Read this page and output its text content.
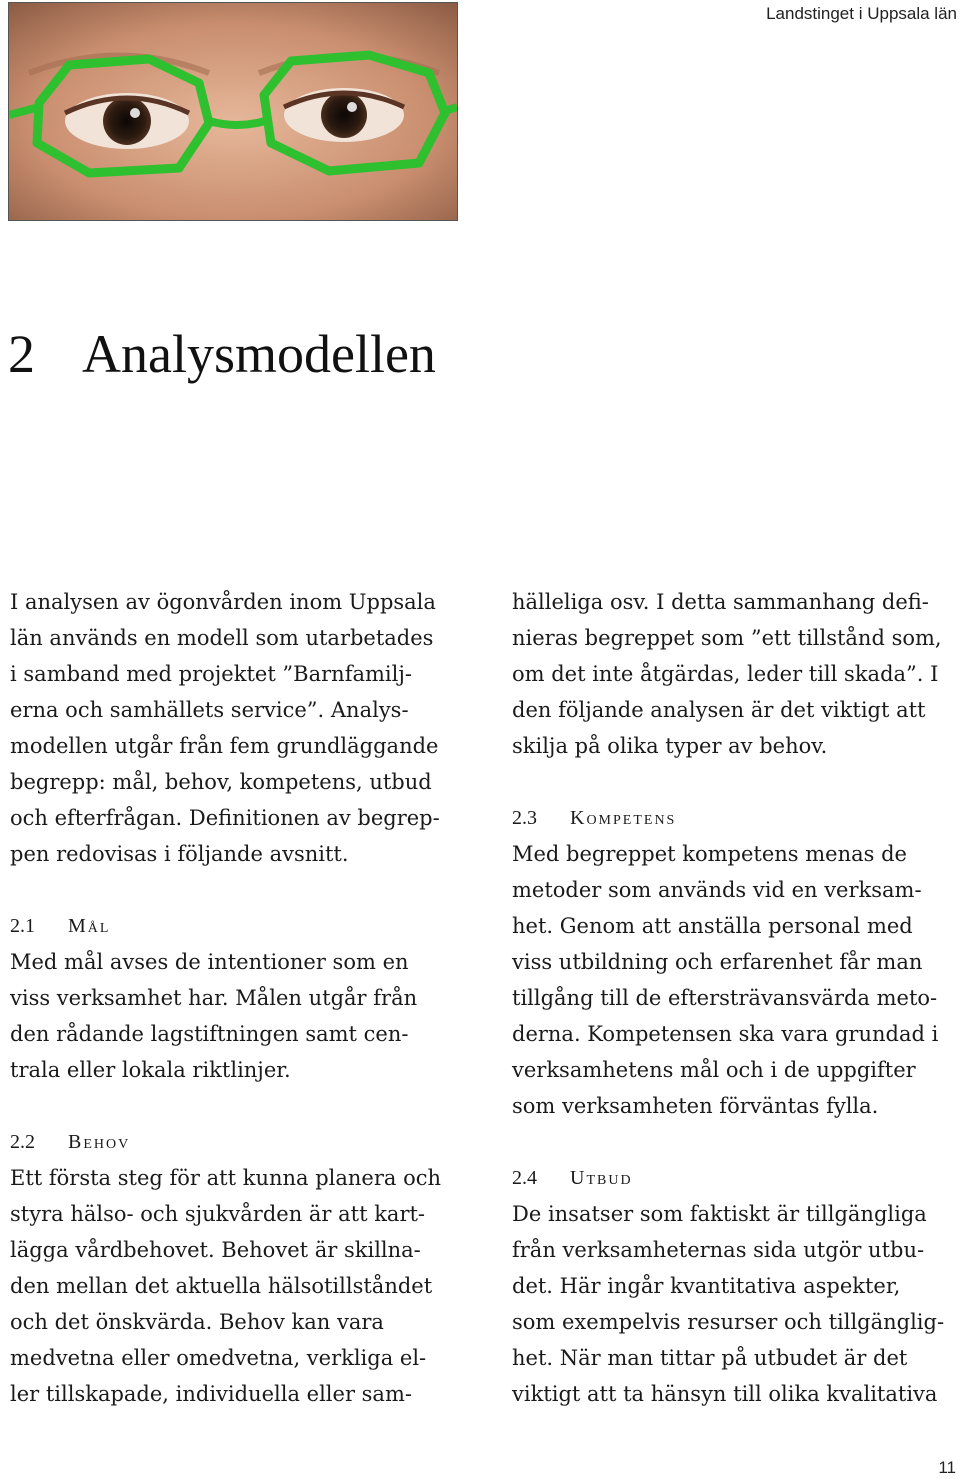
Landstinget i Uppsala län
2 Analysmodellen

I analysen av ögonvården inom Uppsala
län används en modell som utarbetades
i samband med projektet ”Barnfamilj-
erna och samhällets service”. Analys-
modellen utgår från fem grundläggande
begrepp: mål, behov, kompetens, utbud
och efterfrågan. Definitionen av begrep-
pen redovisas i följande avsnitt.

2.1 Mål

Med mål avses de intentioner som en
viss verksamhet har. Målen utgår från
den rådande lagstiftningen samt cen-
trala eller lokala riktlinjer.

2.2 Behov

Ett första steg för att kunna planera och
styra hälso- och sjukvården är att kart-
lägga vårdbehovet. Behovet är skillna-
den mellan det aktuella hälsotillståndet
och det önskvärda. Behov kan vara
medvetna eller omedvetna, verkliga el-
ler tillskapade, individuella eller sam-

hälleliga osv. I detta sammanhang defi-
nieras begreppet som ”ett tillstånd som,
om det inte åtgärdas, leder till skada”. I
den följande analysen är det viktigt att
skilja på olika typer av behov.

2.3 Kompetens

Med begreppet kompetens menas de
metoder som används vid en verksam-
het. Genom att anställa personal med
viss utbildning och erfarenhet får man
tillgång till de eftersträvansvärda meto-
derna. Kompetensen ska vara grundad i
verksamhetens mål och i de uppgifter
som verksamheten förväntas fylla.

2.4 Utbud

De insatser som faktiskt är tillgängliga
från verksamheternas sida utgör utbu-
det. Här ingår kvantitativa aspekter,
som exempelvis resurser och tillgänglig-
het. När man tittar på utbudet är det
viktigt att ta hänsyn till olika kvalitativa

11
